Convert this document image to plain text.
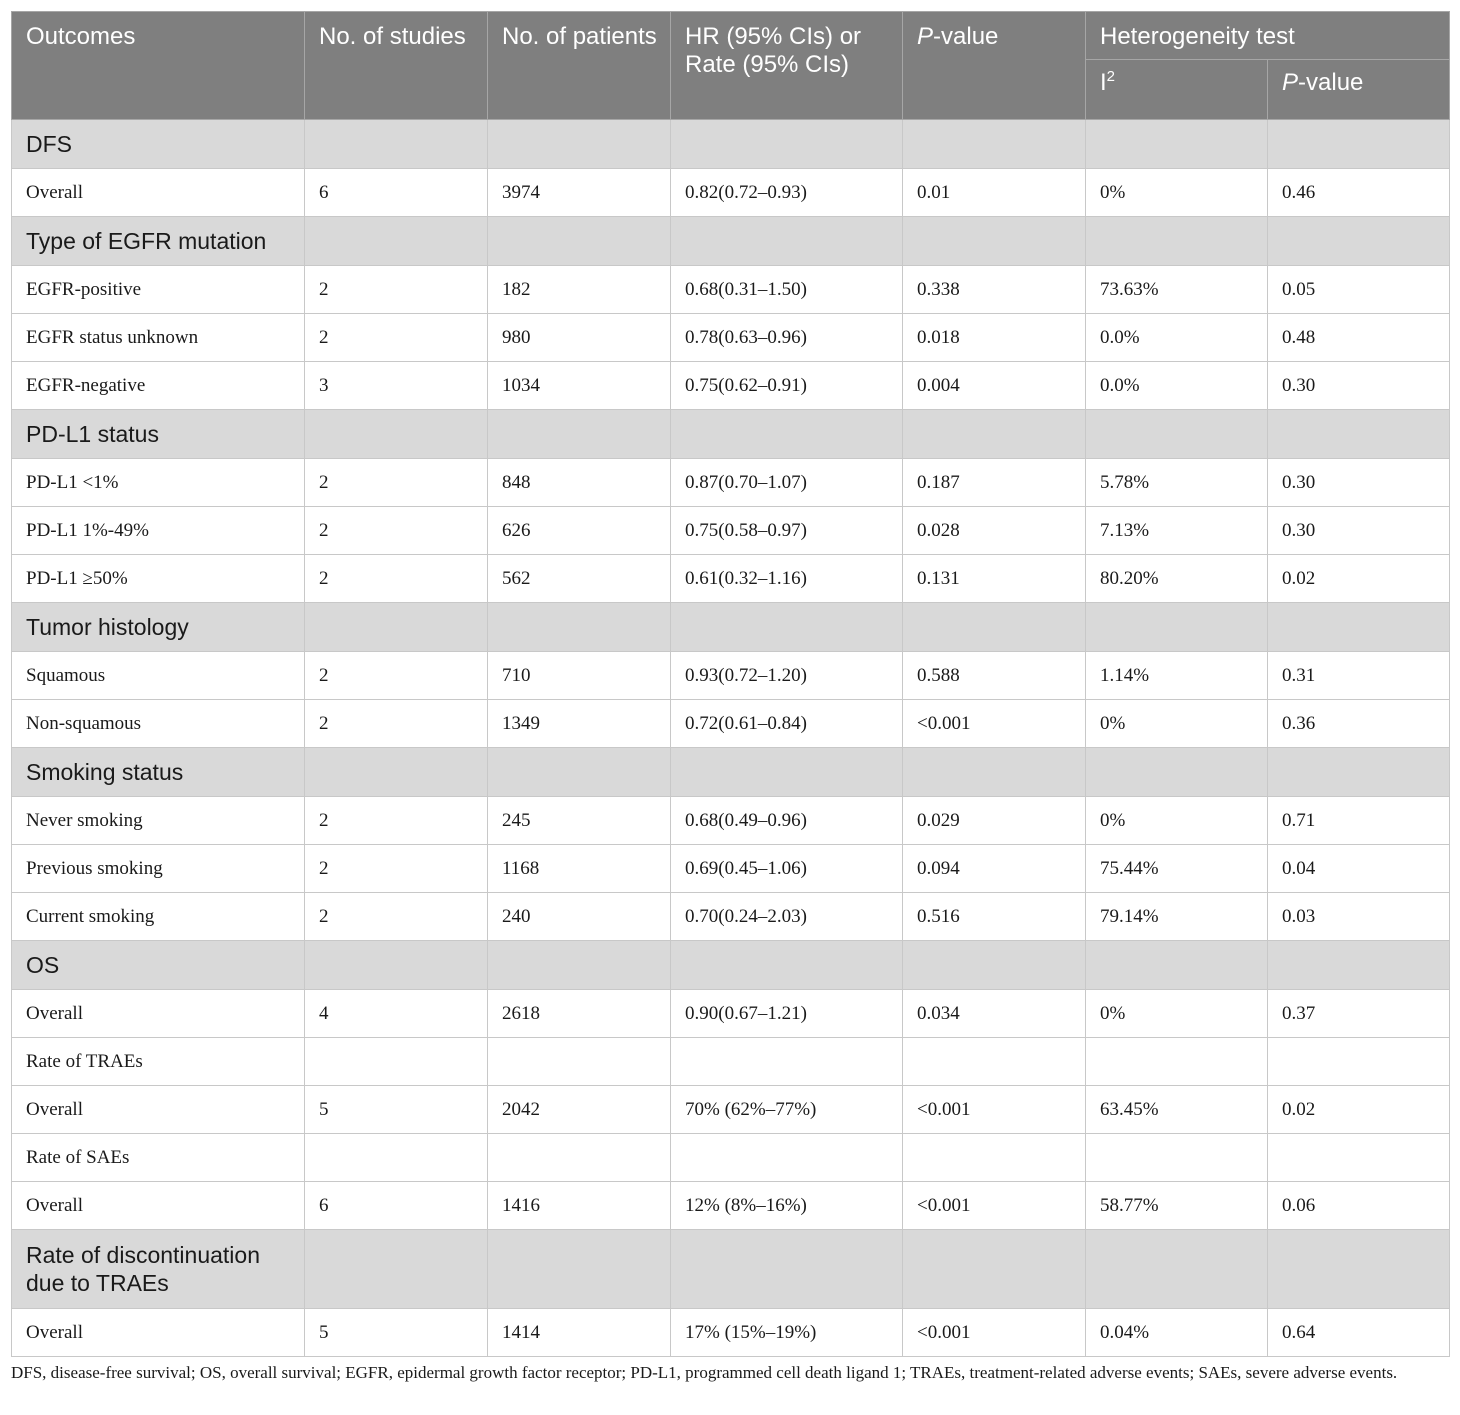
Outcomes	No. of studies	No. of patients	HR (95% CIs) or Rate (95% CIs)	P-value	Heterogeneity test	
					$I^2$	P-value
DFS						
Overall	6	3974	0.82(0.72–0.93)	0.01	0%	0.46
Type of EGFR mutation						
EGFR-positive	2	182	0.68(0.31–1.50)	0.338	73.63%	0.05
EGFR status unknown	2	980	0.78(0.63–0.96)	0.018	0.0%	0.48
EGFR-negative	3	1034	0.75(0.62–0.91)	0.004	0.0%	0.30
PD-L1 status						
PD-L1 <1%	2	848	0.87(0.70–1.07)	0.187	5.78%	0.30
PD-L1 1%-49%	2	626	0.75(0.58–0.97)	0.028	7.13%	0.30
PD-L1 ≥50%	2	562	0.61(0.32–1.16)	0.131	80.20%	0.02
Tumor histology						
Squamous	2	710	0.93(0.72–1.20)	0.588	1.14%	0.31
Non-squamous	2	1349	0.72(0.61–0.84)	<0.001	0%	0.36
Smoking status						
Never smoking	2	245	0.68(0.49–0.96)	0.029	0%	0.71
Previous smoking	2	1168	0.69(0.45–1.06)	0.094	75.44%	0.04
Current smoking	2	240	0.70(0.24–2.03)	0.516	79.14%	0.03
OS						
Overall	4	2618	0.90(0.67–1.21)	0.034	0%	0.37
Rate of TRAEs						
Overall	5	2042	70% (62%–77%)	<0.001	63.45%	0.02
Rate of SAEs						
Overall	6	1416	12% (8%–16%)	<0.001	58.77%	0.06
Rate of discontinuation due to TRAEs						
Overall	5	1414	17% (15%–19%)	<0.001	0.04%	0.64
DFS, disease-free survival; OS, overall survival; EGFR, epidermal growth factor receptor; PD-L1, programmed cell death ligand 1; TRAEs, treatment-related adverse events; SAEs, severe adverse events.
